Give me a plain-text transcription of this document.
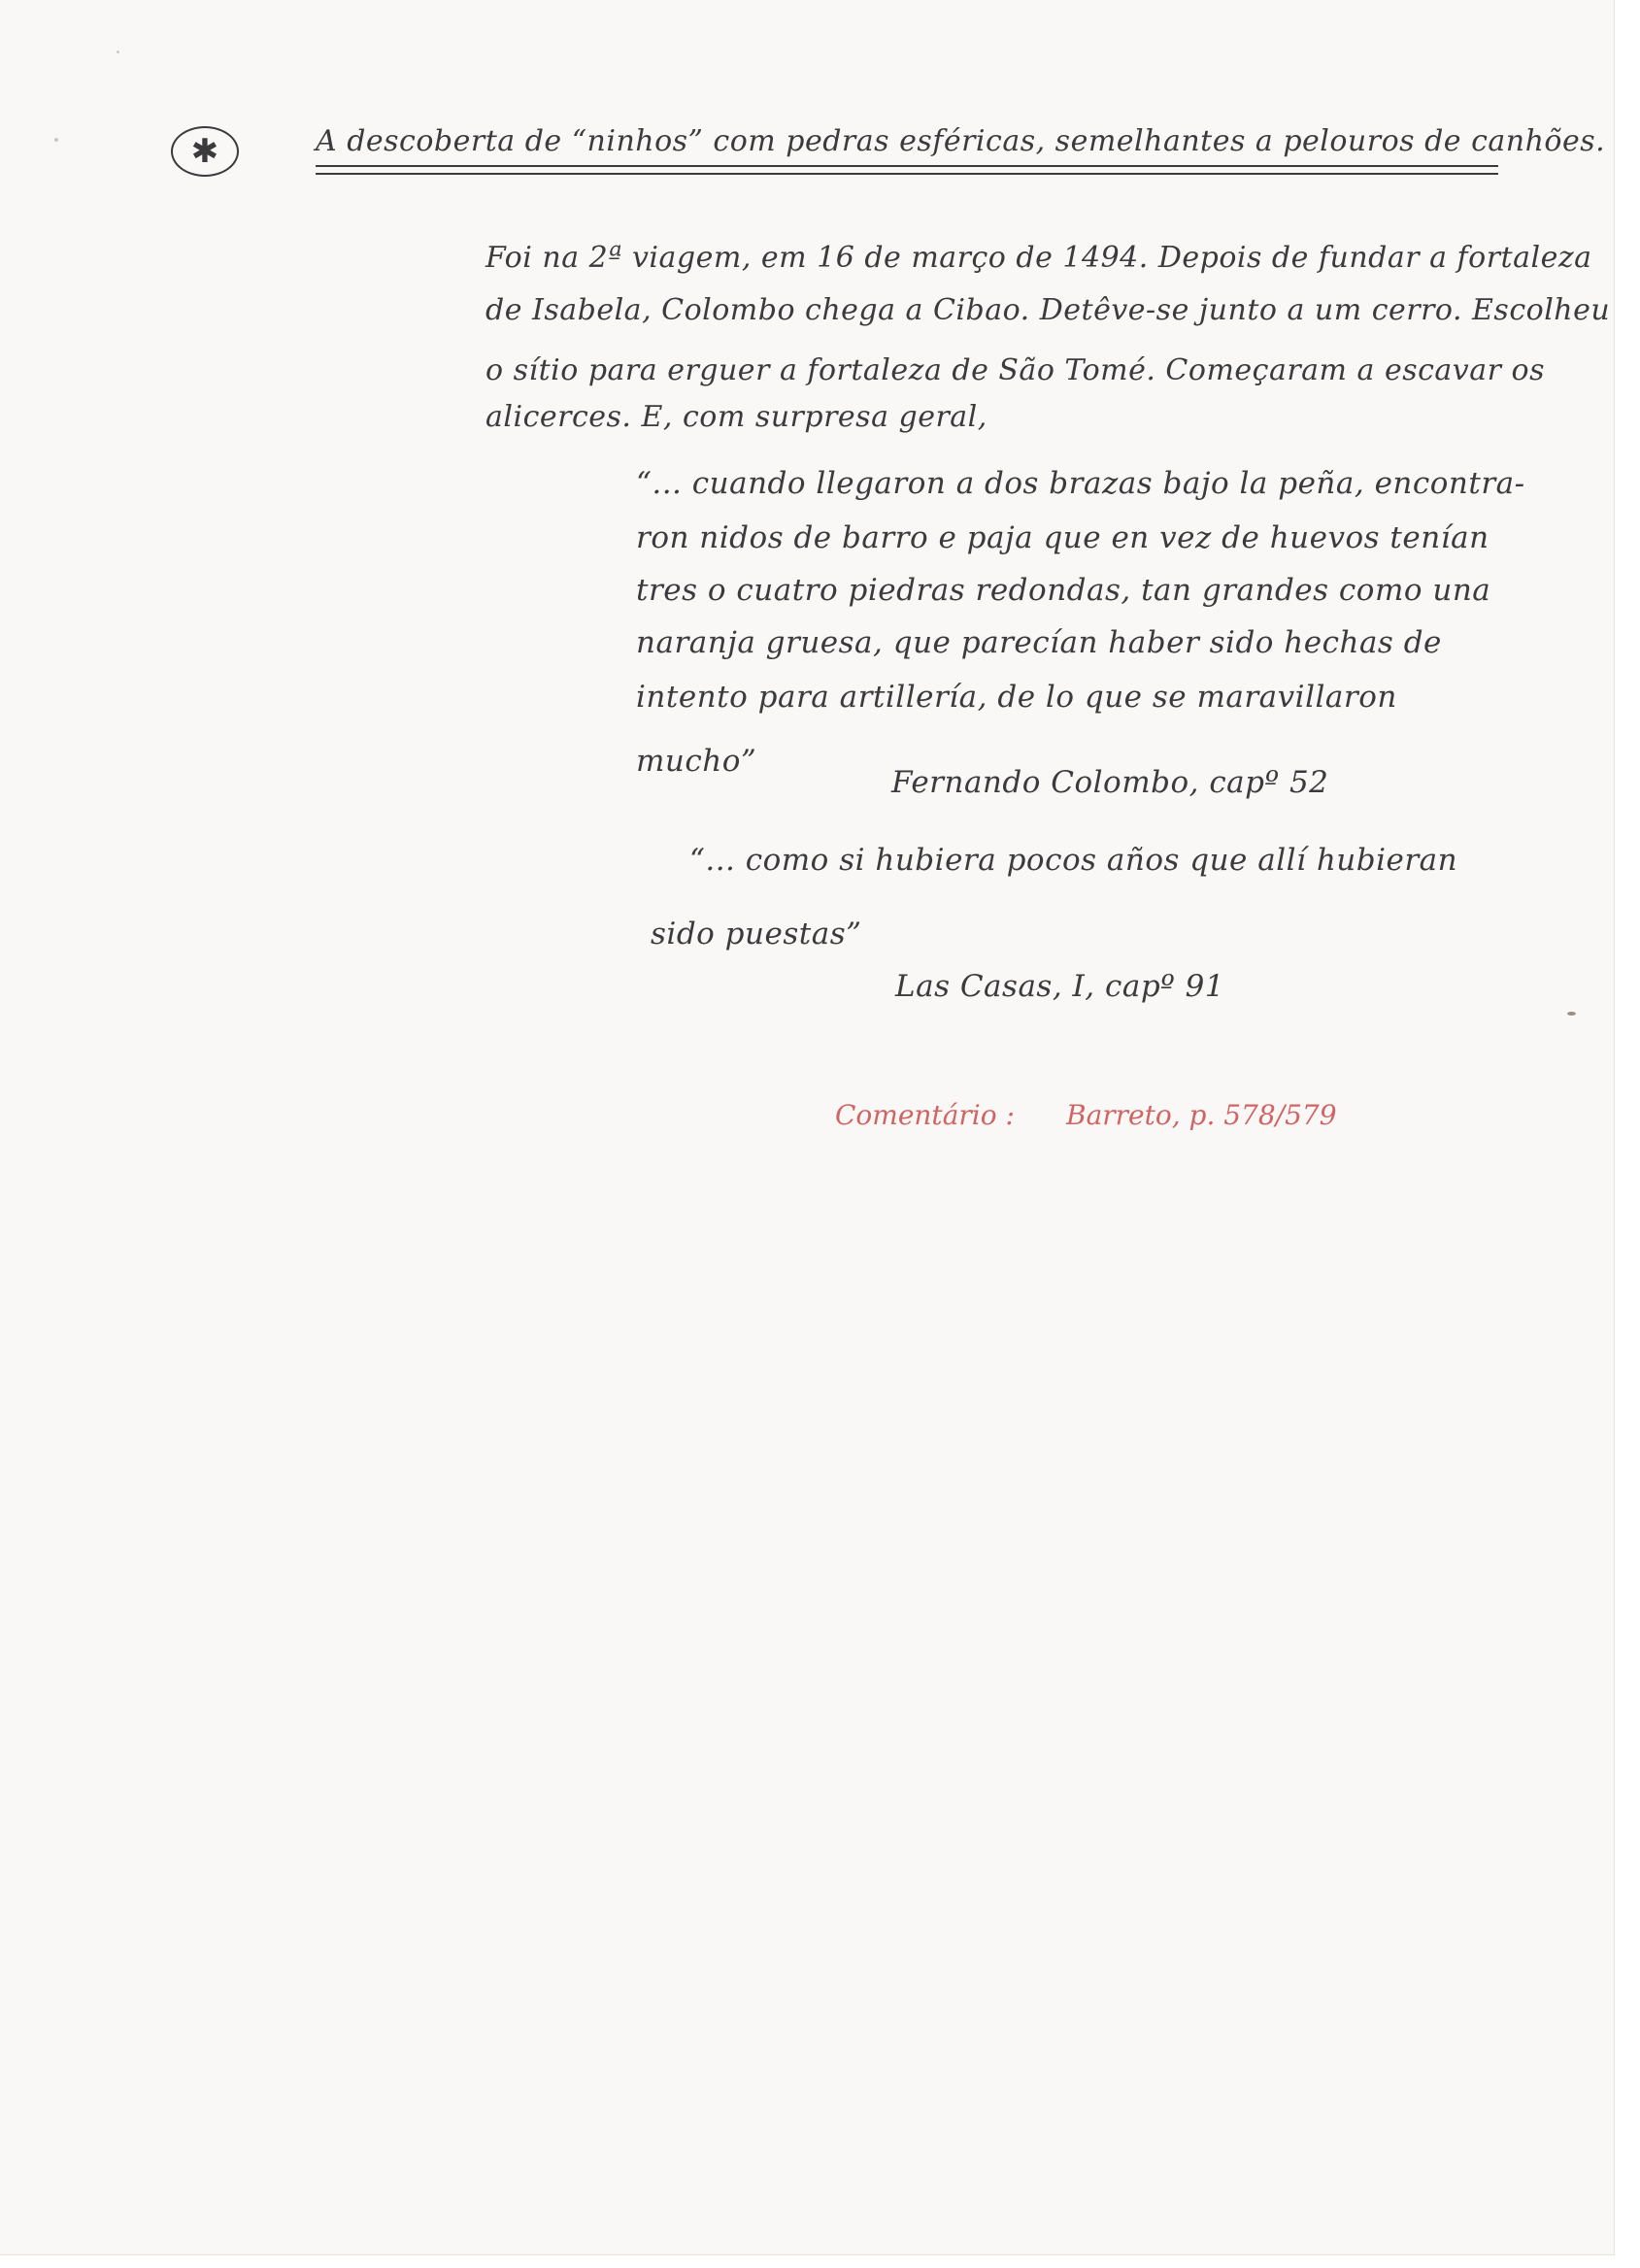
✱	A descoberta de “ninhos” com pedras esféricas, semelhantes a pelouros de canhões.
Foi na 2ª viagem, em 16 de março de 1494. Depois de fundar a fortaleza
de Isabela, Colombo chega a Cibao. Detêve-se junto a um cerro. Escolheu
o sítio para erguer a fortaleza de São Tomé. Começaram a escavar os
alicerces. E, com surpresa geral,
“... cuando llegaron a dos brazas bajo la peña, encontra-
ron nidos de barro e paja que en vez de huevos tenían
tres o cuatro piedras redondas, tan grandes como una
naranja gruesa, que parecían haber sido hechas de
intento para artillería, de lo que se maravillaron
mucho”
Fernando Colombo, capº 52
“... como si hubiera pocos años que allí hubieran
sido puestas”
Las Casas, I, capº 91
Comentário : Barreto, p. 578/579
